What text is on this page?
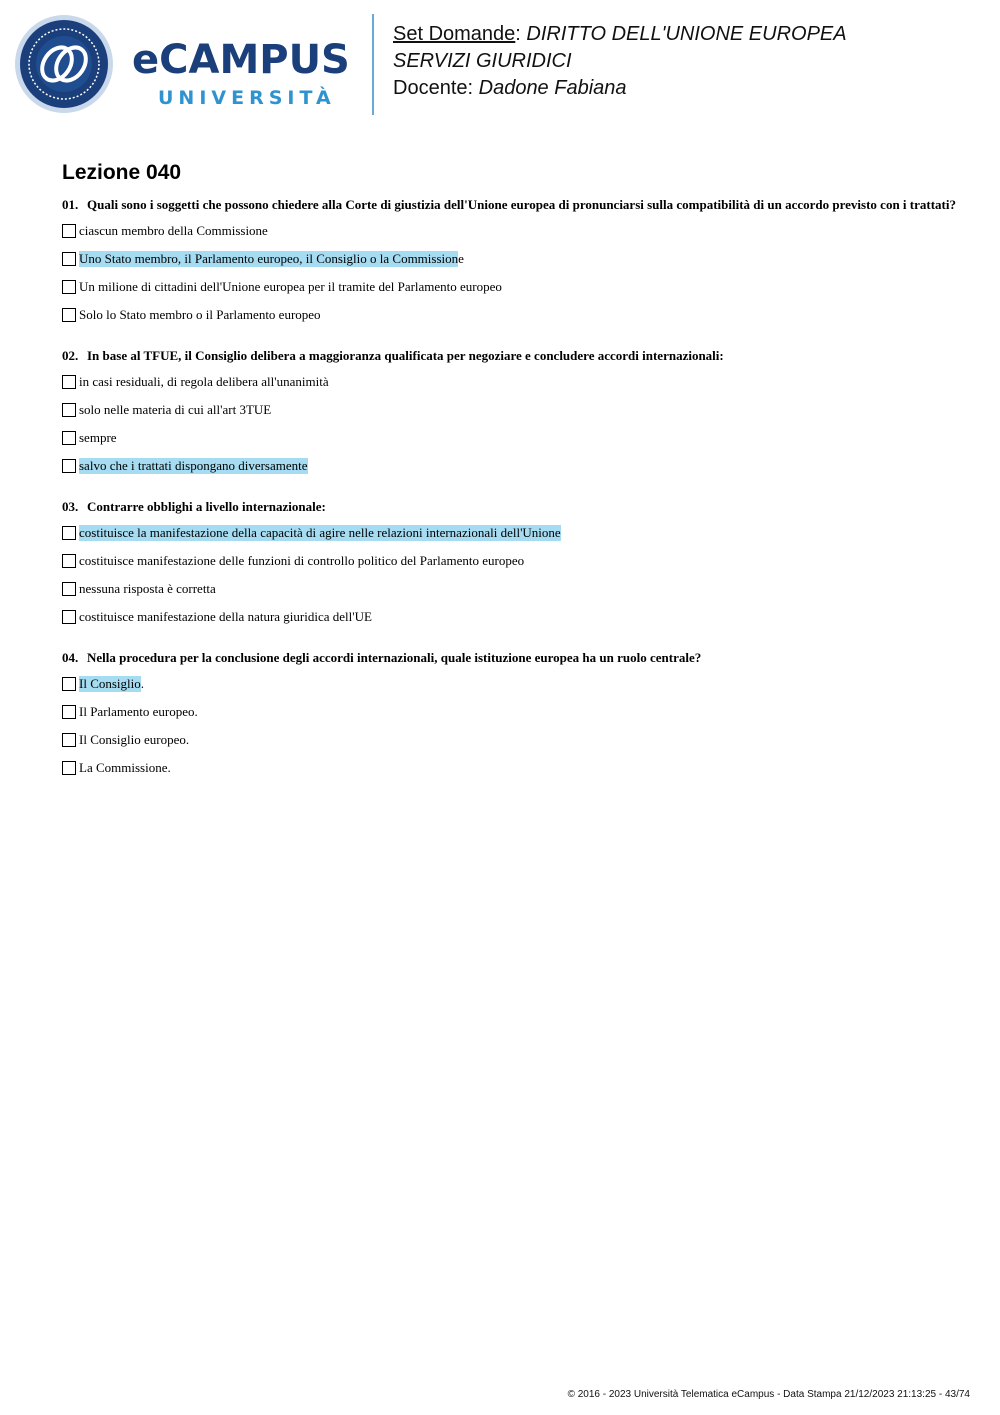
eCAMPUS
UNIVERSITÀ
Set Domande: DIRITTO DELL'UNIONE EUROPEA
SERVIZI GIURIDICI
Docente: Dadone Fabiana
Lezione 040
01. Quali sono i soggetti che possono chiedere alla Corte di giustizia dell'Unione europea di pronunciarsi sulla compatibilità di un accordo previsto con i trattati?
ciascun membro della Commissione
Uno Stato membro, il Parlamento europeo, il Consiglio o la Commission e
Un milione di cittadini dell'Unione europea per il tramite del Parlamento europeo
Solo lo Stato membro o il Parlamento europeo
02. In base al TFUE, il Consiglio delibera a maggioranza qualificata per negoziare e concludere accordi internazionali:
in casi residuali, di regola delibera all'unanimità
solo nelle materia di cui all'art 3TUE
sempre
salvo che i trattati dispongano diversamente
03. Contrarre obblighi a livello internazionale:
costituisce la manifestazione della capacità di agire nelle relazioni internazionali dell'Unione
costituisce manifestazione delle funzioni di controllo politico del Parlamento europeo
nessuna risposta è corretta
costituisce manifestazione della natura giuridica dell'UE
04. Nella procedura per la conclusione degli accordi internazionali, quale istituzione europea ha un ruolo centrale?
Il Consiglio .
Il Parlamento europeo.
Il Consiglio europeo.
La Commissione.
© 2016 - 2023 Università Telematica eCampus - Data Stampa 21/12/2023 21:13:25 - 43/74
